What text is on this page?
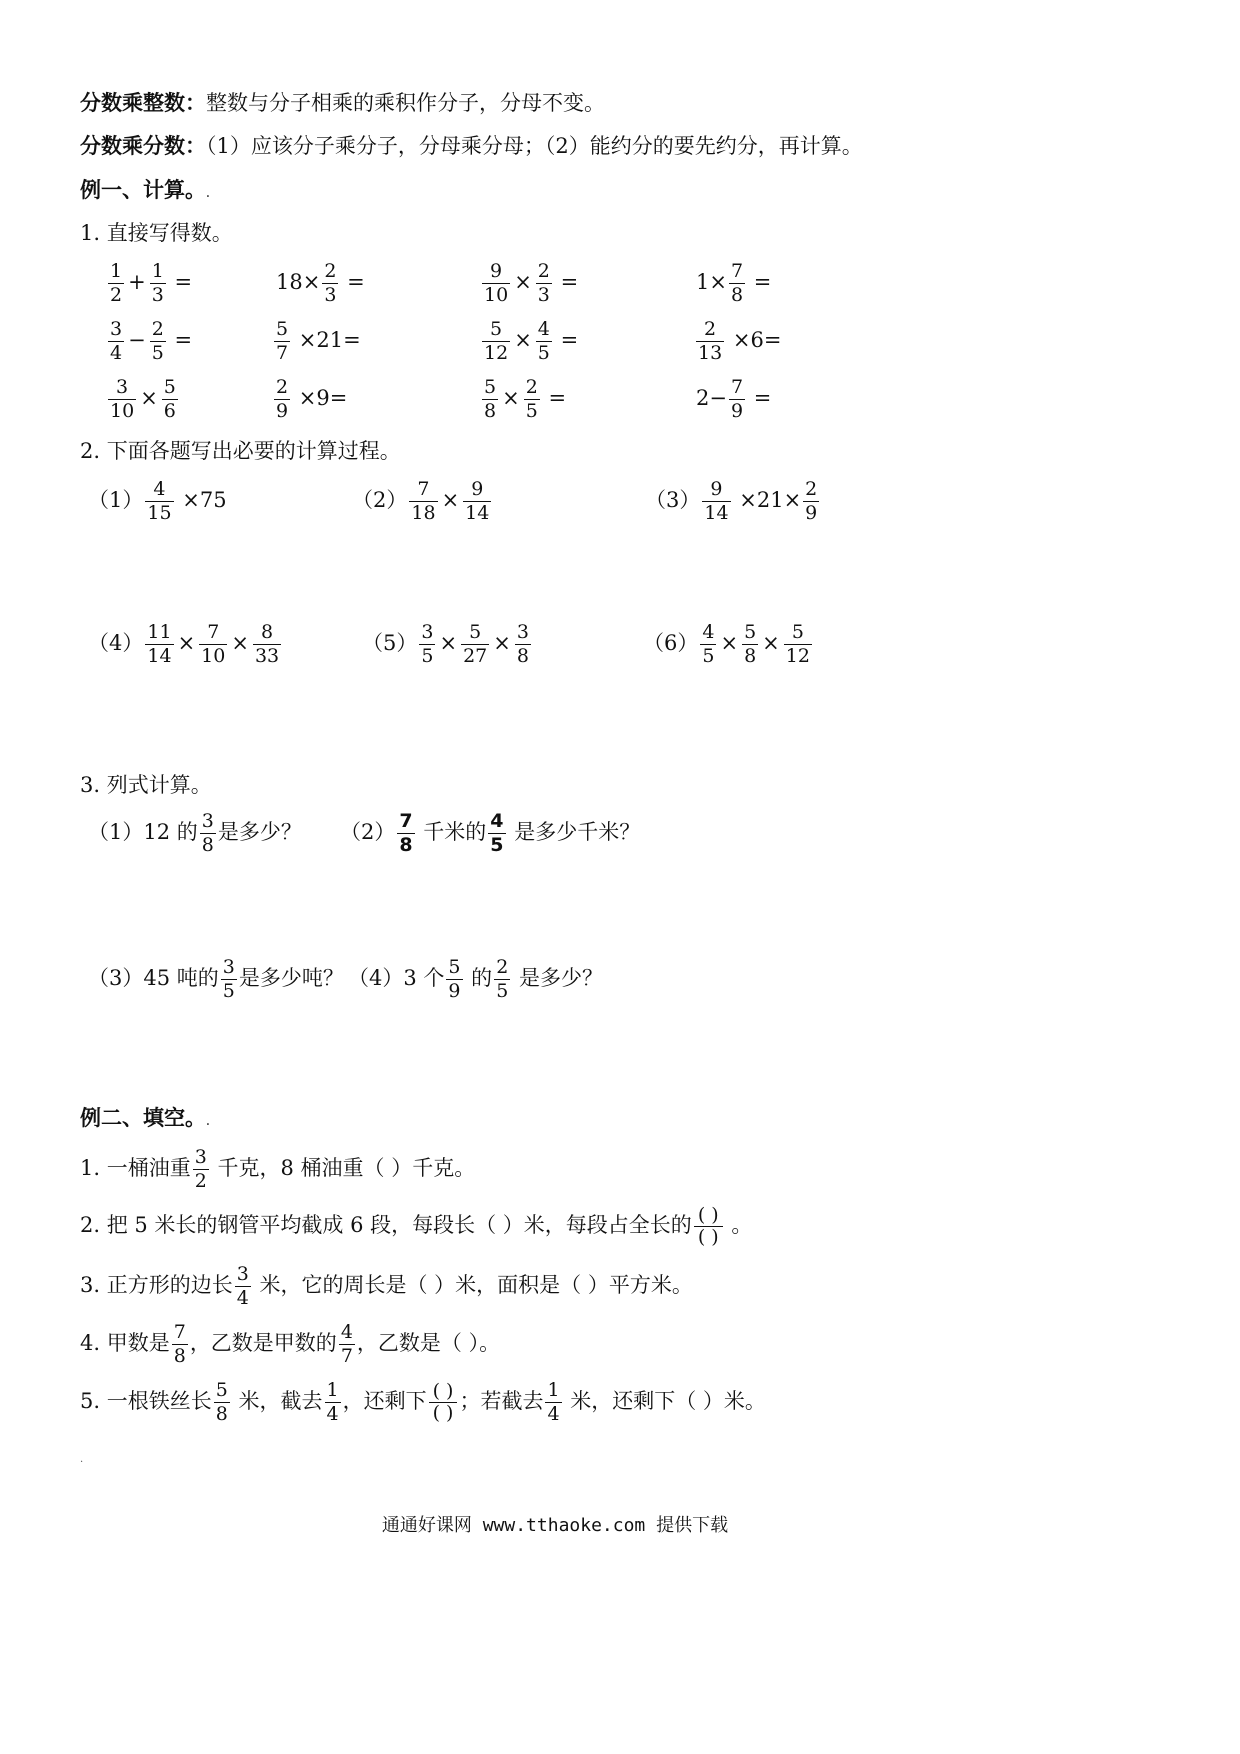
分数乘整数：整数与分子相乘的乘积作分子，分母不变。
分数乘分数：（1）应该分子乘分子，分母乘分母；（2）能约分的要先约分，再计算。
例一、计算。.
1. 直接写得数。
$\frac{1}{2} + \frac{1}{3}$ =	$18\times \frac{2}{3}$ =	$\frac{9}{10} \times \frac{2}{3}$ =	$1\times \frac{7}{8}$ =
$\frac{3}{4} - \frac{2}{5}$ =	$\frac{5}{7} \times 21=$	$\frac{5}{12} \times \frac{4}{5}$ =	$\frac{2}{13} \times 6=$
$\frac{3}{10} \times \frac{5}{6}$	$\frac{2}{9} \times 9=$	$\frac{5}{8} \times \frac{2}{5}$ =	$2- \frac{7}{9}$ =
2. 下面各题写出必要的计算过程。
$(1) \frac{4}{15} \times 75$	$(2) \frac{7}{18} \times \frac{9}{14}$	$(3) \frac{9}{14} \times 21\times \frac{2}{9}$
$(4) \frac{11}{14} \times \frac{7}{10} \times \frac{8}{33}$	$(5) \frac{3}{5} \times \frac{5}{27} \times \frac{3}{8}$	$(6) \frac{4}{5} \times \frac{5}{8} \times \frac{5}{12}$
3. 列式计算。
（1）12 的 $\frac{3}{8}$ 是多少？ $(2) \frac{7}{8}$ 千米的 $\frac{4}{5}$ 是多少千米？
（3）45 吨的 $\frac{3}{5}$ 是多少吨？ （4）3 个 $\frac{5}{9}$ 的 $\frac{2}{5}$ 是多少？
例二、填空。.
1. 一桶油重 $\frac{3}{2}$ 千克，8 桶油重（ ）千克。
2. 把 5 米长的钢管平均截成 6 段，每段长（ ）米，每段占全长的 $\frac{( )}{( )}$ 。
3. 正方形的边长 $\frac{3}{4}$ 米，它的周长是（ ）米，面积是（ ）平方米。
4. 甲数是 $\frac{7}{8}$ ，乙数是甲数的 $\frac{4}{7}$ ，乙数是（ ）。
5. 一根铁丝长 $\frac{5}{8}$ 米，截去 $\frac{1}{4}$ ，还剩下 $\frac{( )}{( )}$ ；若截去 $\frac{1}{4}$ 米，还剩下（ ）米。
.
通通好课网 www.tthaoke.com 提供下载
